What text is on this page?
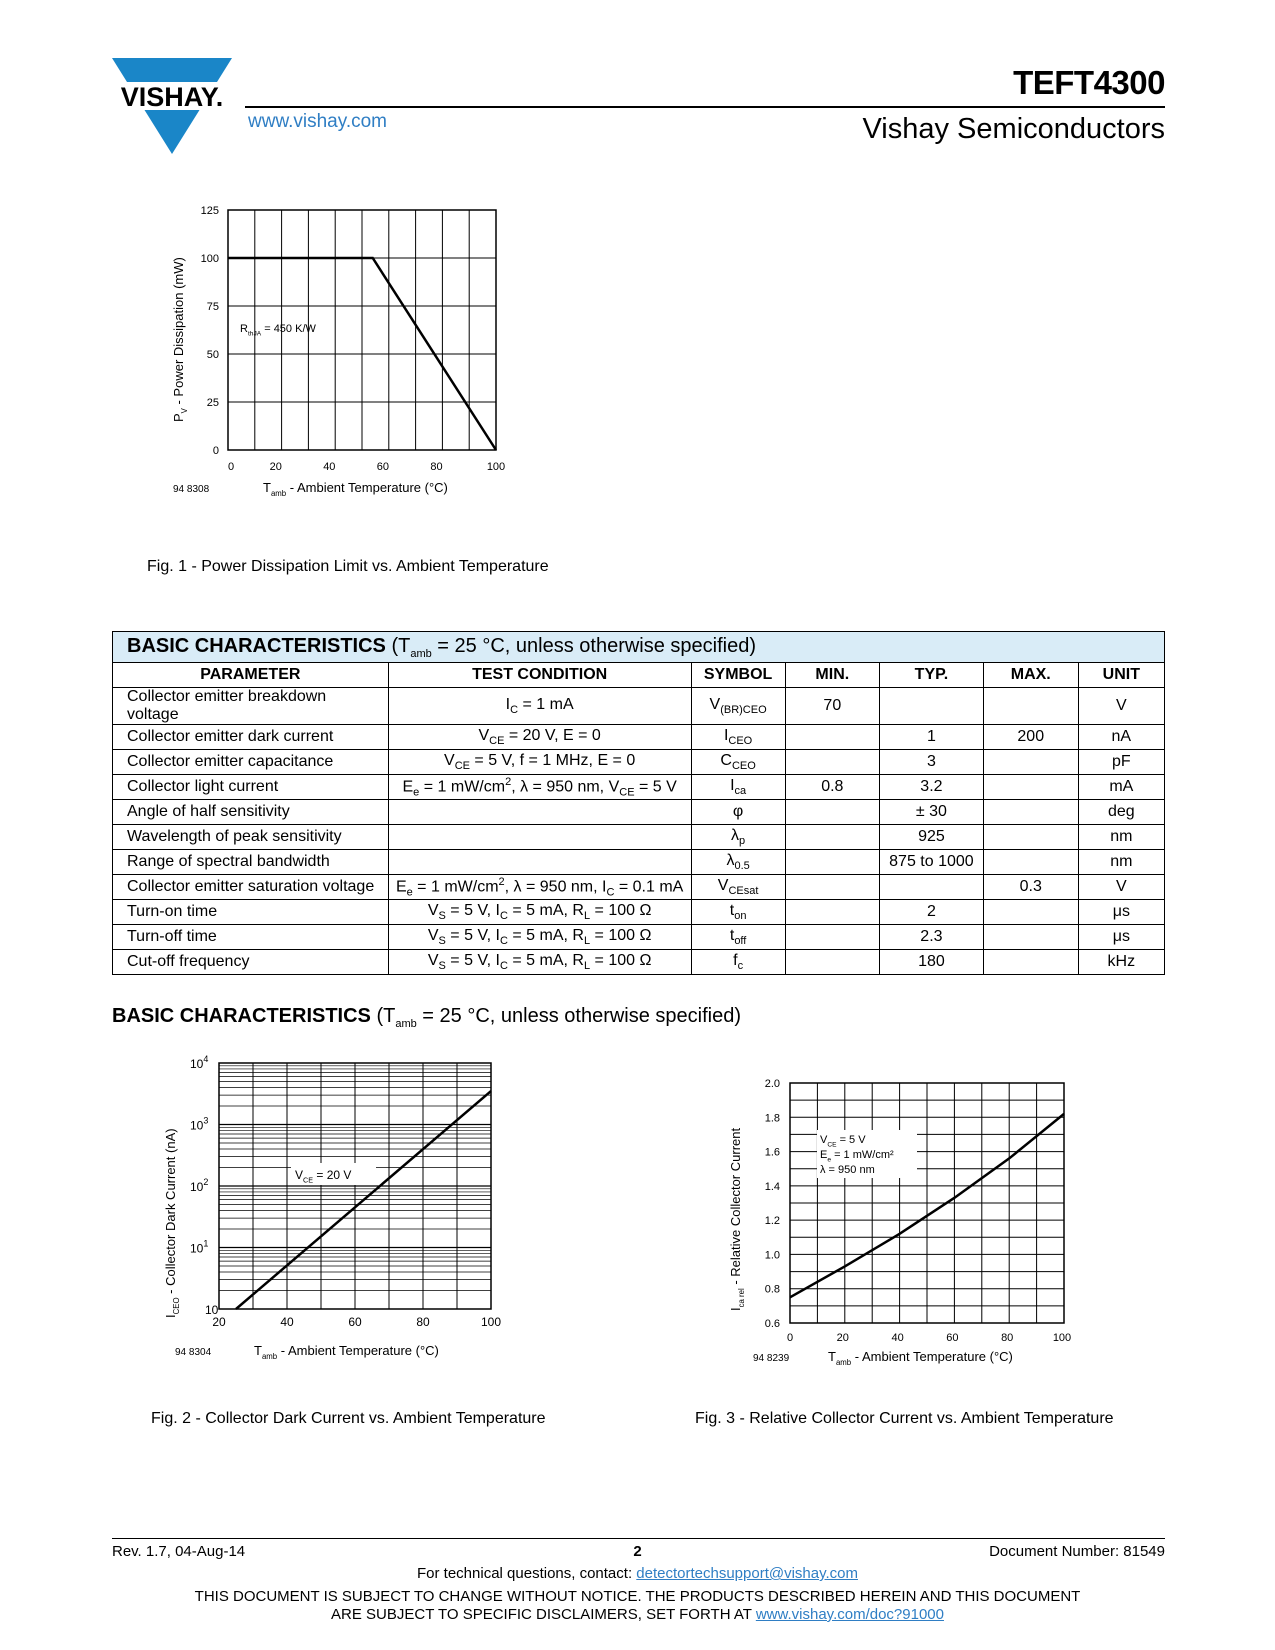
VISHAY.
www.vishay.com
TEFT4300
Vishay Semiconductors
0
25
50
75
100
125
0	20	40	60	80	100
$R_{thJA} = 450$ K/W
$P_V$ - Power Dissipation (mW)
$T_{amb}$ - Ambient Temperature (°C)
94 8308
Fig. 1 - Power Dissipation Limit vs. Ambient Temperature
BASIC CHARACTERISTICS ($T_{amb} = 25$ °C, unless otherwise specified)						
PARAMETER	TEST CONDITION	SYMBOL	MIN.	TYP.	MAX.	UNIT
Collector emitter breakdown voltage	$I_C = 1$ mA	$V_{(BR)CEO}$	70			V
Collector emitter dark current	$V_{CE} = 20$ V, E = 0	$I_{CEO}$		1	200	nA
Collector emitter capacitance	$V_{CE} = 5$ V, f = 1 MHz, E = 0	$C_{CEO}$		3		pF
Collector light current	$E_e = 1$ $mW/cm^2$, λ = 950 nm, $V_{CE} = 5$ V	$I_{ca}$	0.8	3.2		mA
Angle of half sensitivity		φ		± 30		deg
Wavelength of peak sensitivity		$\lambda_p$		925		nm
Range of spectral bandwidth		$\lambda_{0.5}$		875 to 1000		nm
Collector emitter saturation voltage	$E_e = 1$ $mW/cm^2$, λ = 950 nm, $I_C = 0.1$ mA	$V_{CEsat}$			0.3	V
Turn-on time	$V_S = 5$ V, $I_C = 5$ mA, $R_L = 100$ Ω	$t_{on}$		2		μs
Turn-off time	$V_S = 5$ V, $I_C = 5$ mA, $R_L = 100$ Ω	$t_{off}$		2.3		μs
Cut-off frequency	$V_S = 5$ V, $I_C = 5$ mA, $R_L = 100$ Ω	$f_c$		180		kHz
BASIC CHARACTERISTICS ($T_{amb} = 25$ °C, unless otherwise specified)
10
$10^1$
$10^2$
$10^3$
$10^4$
20	40	60	80	100
$V_{CE} = 20$ V
$I_{CEO}$ - Collector Dark Current (nA)
$T_{amb}$ - Ambient Temperature (°C)
94 8304
Fig. 2 - Collector Dark Current vs. Ambient Temperature
0.6
0.8
1.0
1.2
1.4
1.6
1.8
2.0
0	20	40	60	80	100
$V_{CE} = 5$ V
$E_e = 1$ mW/cm²
λ = 950 nm
$I_{ca rel}$ - Relative Collector Current
$T_{amb}$ - Ambient Temperature (°C)
94 8239
Fig. 3 - Relative Collector Current vs. Ambient Temperature
Rev. 1.7, 04-Aug-14	2	Document Number: 81549
For technical questions, contact: detectortechsupport@vishay.com
THIS DOCUMENT IS SUBJECT TO CHANGE WITHOUT NOTICE. THE PRODUCTS DESCRIBED HEREIN AND THIS DOCUMENT
ARE SUBJECT TO SPECIFIC DISCLAIMERS, SET FORTH AT www.vishay.com/doc?91000
